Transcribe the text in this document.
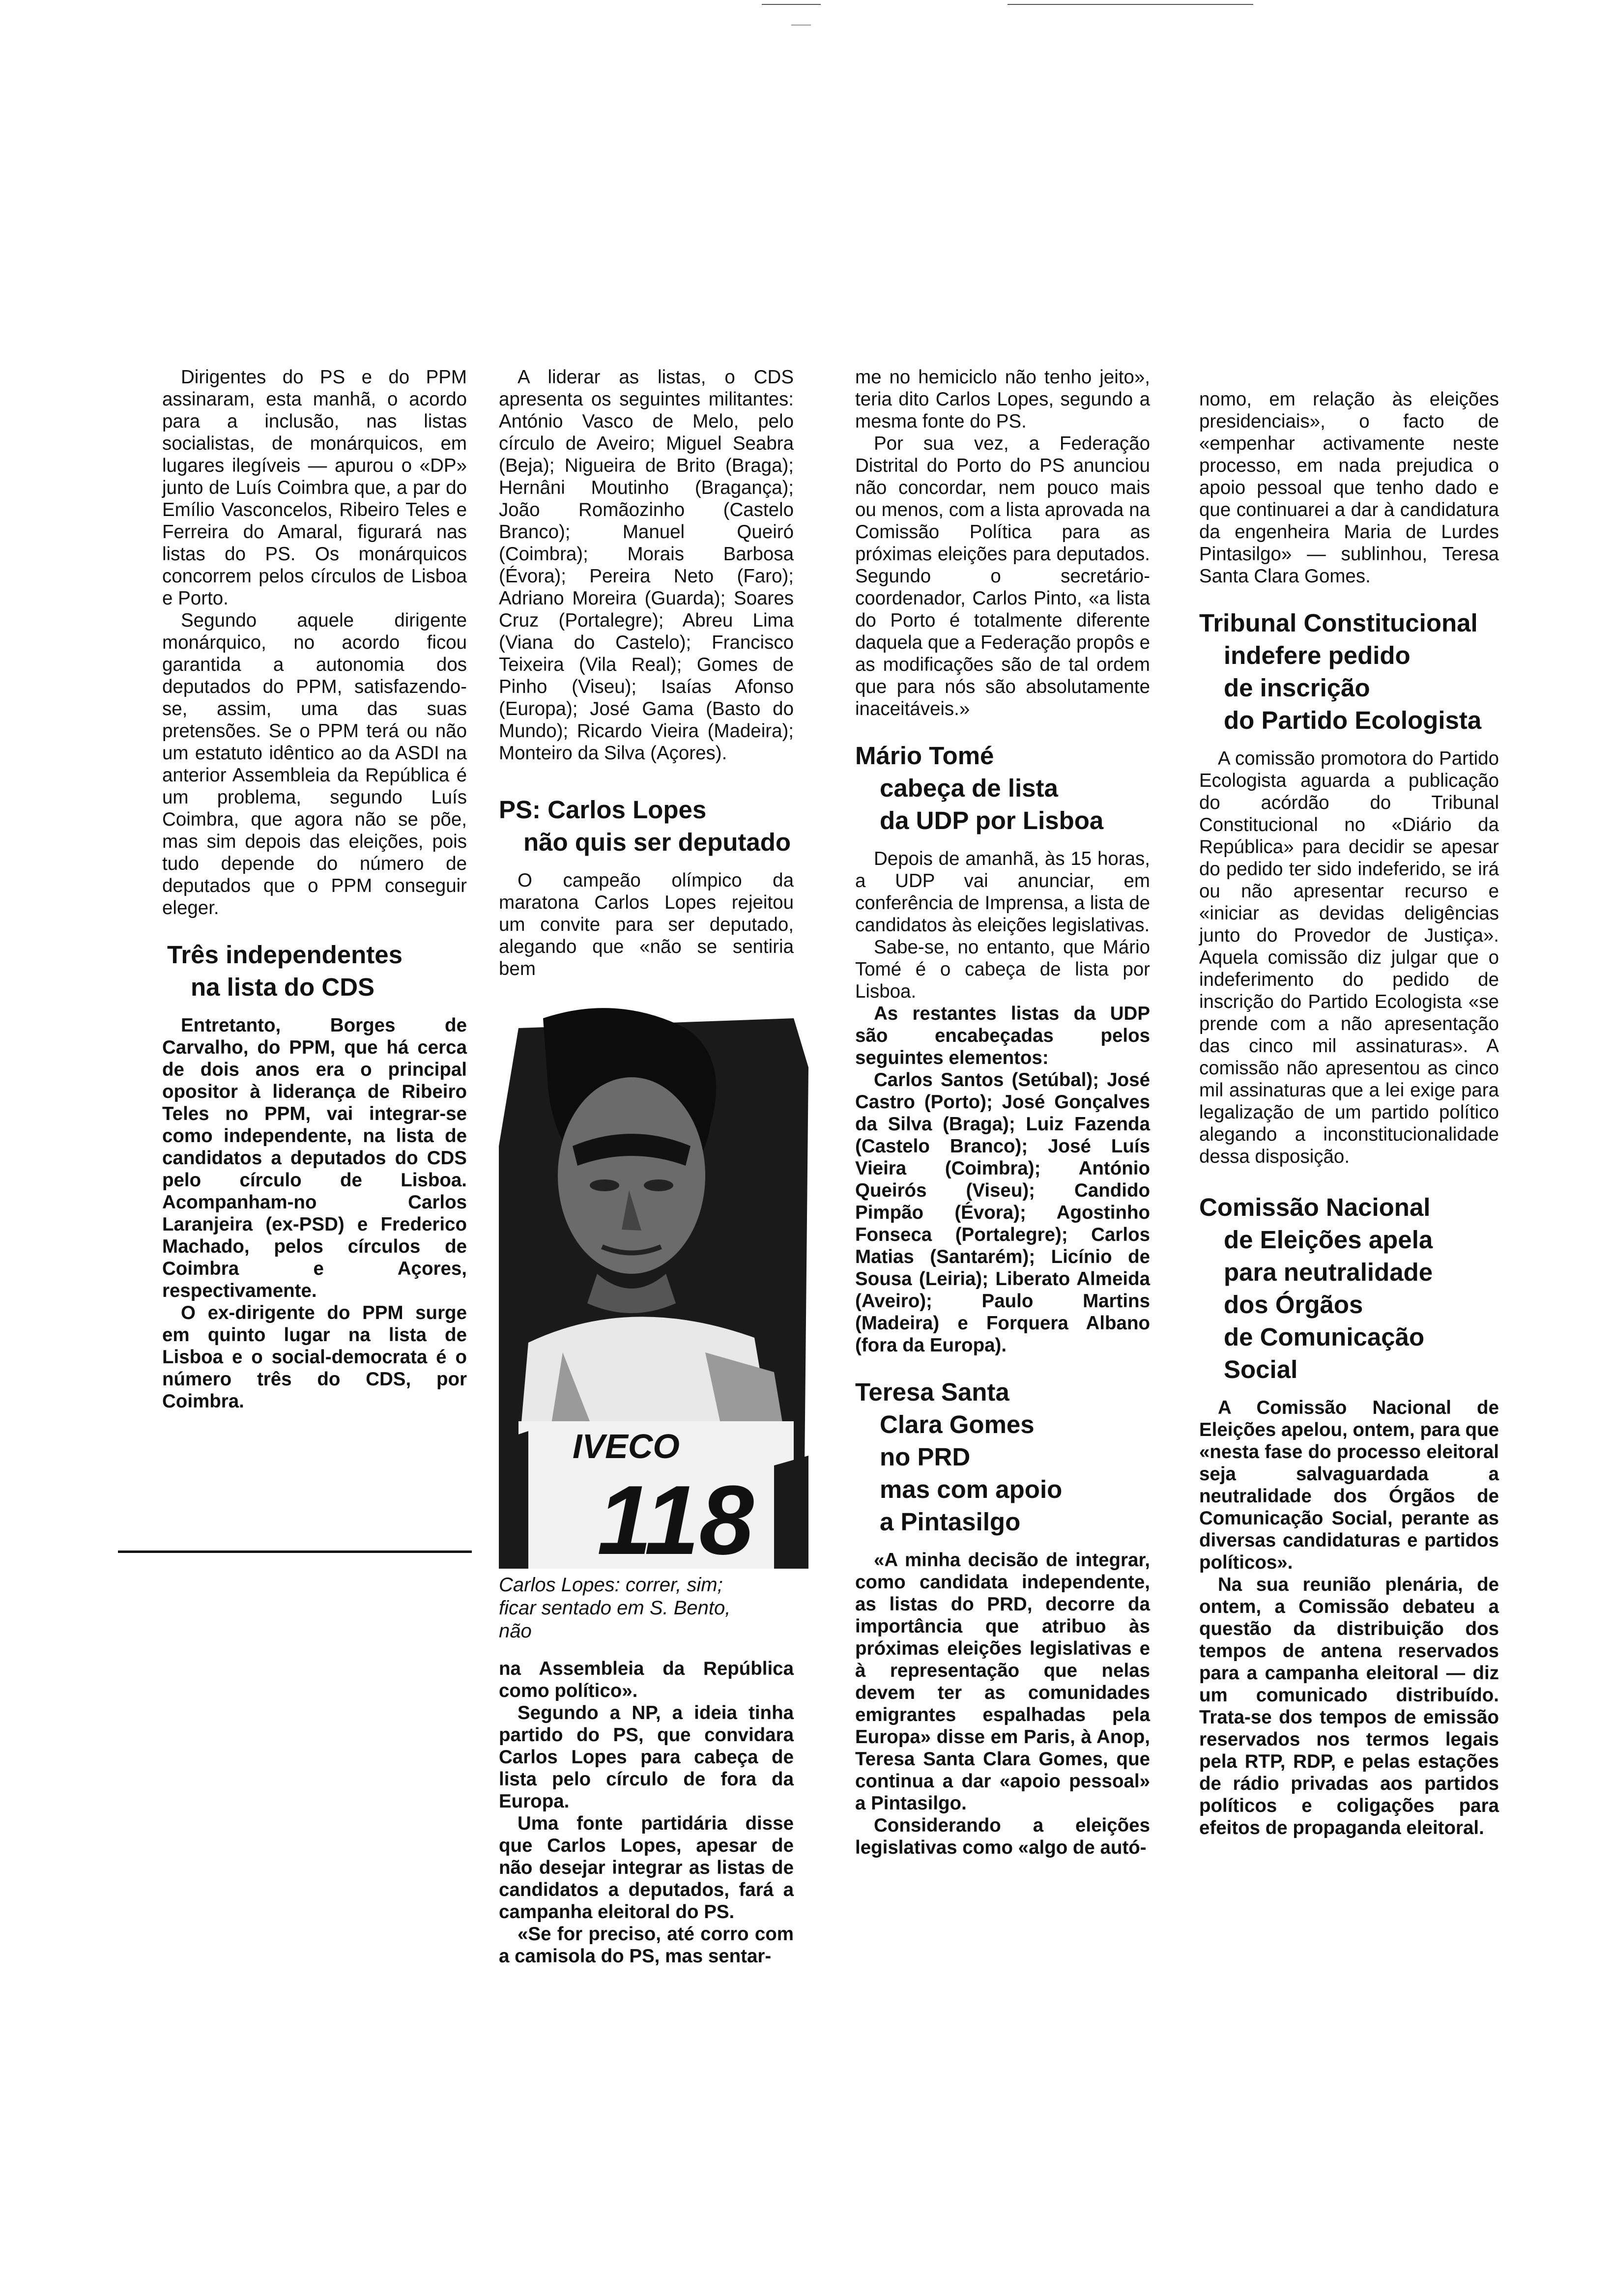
Dirigentes do PS e do PPM assinaram, esta manhã, o acordo para a inclusão, nas listas socialistas, de monárquicos, em lugares ilegíveis — apurou o «DP» junto de Luís Coimbra que, a par do Emílio Vasconcelos, Ribeiro Teles e Ferreira do Amaral, figurará nas listas do PS. Os monárquicos concorrem pelos círculos de Lisboa e Porto.

Segundo aquele dirigente monárquico, no acordo ficou garantida a autonomia dos deputados do PPM, satisfazendo-se, assim, uma das suas pretensões. Se o PPM terá ou não um estatuto idêntico ao da ASDI na anterior Assembleia da República é um problema, segundo Luís Coimbra, que agora não se põe, mas sim depois das eleições, pois tudo depende do número de deputados que o PPM conseguir eleger.

Três independentes
na lista do CDS

Entretanto, Borges de Carvalho, do PPM, que há cerca de dois anos era o principal opositor à liderança de Ribeiro Teles no PPM, vai integrar-se como independente, na lista de candidatos a deputados do CDS pelo círculo de Lisboa. Acompanham-no Carlos Laranjeira (ex-PSD) e Frederico Machado, pelos círculos de Coimbra e Açores, respectivamente.

O ex-dirigente do PPM surge em quinto lugar na lista de Lisboa e o social-democrata é o número três do CDS, por Coimbra.

A liderar as listas, o CDS apresenta os seguintes militantes: António Vasco de Melo, pelo círculo de Aveiro; Miguel Seabra (Beja); Nigueira de Brito (Braga); Hernâni Moutinho (Bragança); João Romãozinho (Castelo Branco); Manuel Queiró (Coimbra); Morais Barbosa (Évora); Pereira Neto (Faro); Adriano Moreira (Guarda); Soares Cruz (Portalegre); Abreu Lima (Viana do Castelo); Francisco Teixeira (Vila Real); Gomes de Pinho (Viseu); Isaías Afonso (Europa); José Gama (Basto do Mundo); Ricardo Vieira (Madeira); Monteiro da Silva (Açores).

PS: Carlos Lopes
não quis ser deputado

O campeão olímpico da maratona Carlos Lopes rejeitou um convite para ser deputado, alegando que «não se sentiria bem

IVECO
118
Carlos Lopes: correr, sim; ficar sentado em S. Bento, não

na Assembleia da República como político».

Segundo a NP, a ideia tinha partido do PS, que convidara Carlos Lopes para cabeça de lista pelo círculo de fora da Europa.

Uma fonte partidária disse que Carlos Lopes, apesar de não desejar integrar as listas de candidatos a deputados, fará a campanha eleitoral do PS.

«Se for preciso, até corro com a camisola do PS, mas sentar-

me no hemiciclo não tenho jeito», teria dito Carlos Lopes, segundo a mesma fonte do PS.

Por sua vez, a Federação Distrital do Porto do PS anunciou não concordar, nem pouco mais ou menos, com a lista aprovada na Comissão Política para as próximas eleições para deputados. Segundo o secretário-coordenador, Carlos Pinto, «a lista do Porto é totalmente diferente daquela que a Federação propôs e as modificações são de tal ordem que para nós são absolutamente inaceitáveis.»

Mário Tomé
cabeça de lista
da UDP por Lisboa

Depois de amanhã, às 15 horas, a UDP vai anunciar, em conferência de Imprensa, a lista de candidatos às eleições legislativas.

Sabe-se, no entanto, que Mário Tomé é o cabeça de lista por Lisboa.

As restantes listas da UDP são encabeçadas pelos seguintes elementos:

Carlos Santos (Setúbal); José Castro (Porto); José Gonçalves da Silva (Braga); Luiz Fazenda (Castelo Branco); José Luís Vieira (Coimbra); António Queirós (Viseu); Candido Pimpão (Évora); Agostinho Fonseca (Portalegre); Carlos Matias (Santarém); Licínio de Sousa (Leiria); Liberato Almeida (Aveiro); Paulo Martins (Madeira) e Forquera Albano (fora da Europa).

Teresa Santa
Clara Gomes
no PRD
mas com apoio
a Pintasilgo

«A minha decisão de integrar, como candidata independente, as listas do PRD, decorre da importância que atribuo às próximas eleições legislativas e à representação que nelas devem ter as comunidades emigrantes espalhadas pela Europa» disse em Paris, à Anop, Teresa Santa Clara Gomes, que continua a dar «apoio pessoal» a Pintasilgo.

Considerando a eleições legislativas como «algo de autó-

nomo, em relação às eleições presidenciais», o facto de «empenhar activamente neste processo, em nada prejudica o apoio pessoal que tenho dado e que continuarei a dar à candidatura da engenheira Maria de Lurdes Pintasilgo» — sublinhou, Teresa Santa Clara Gomes.

Tribunal Constitucional
indefere pedido
de inscrição
do Partido Ecologista

A comissão promotora do Partido Ecologista aguarda a publicação do acórdão do Tribunal Constitucional no «Diário da República» para decidir se apesar do pedido ter sido indeferido, se irá ou não apresentar recurso e «iniciar as devidas deligências junto do Provedor de Justiça». Aquela comissão diz julgar que o indeferimento do pedido de inscrição do Partido Ecologista «se prende com a não apresentação das cinco mil assinaturas». A comissão não apresentou as cinco mil assinaturas que a lei exige para legalização de um partido político alegando a inconstitucionalidade dessa disposição.

Comissão Nacional
de Eleições apela
para neutralidade
dos Órgãos
de Comunicação
Social

A Comissão Nacional de Eleições apelou, ontem, para que «nesta fase do processo eleitoral seja salvaguardada a neutralidade dos Órgãos de Comunicação Social, perante as diversas candidaturas e partidos políticos».

Na sua reunião plenária, de ontem, a Comissão debateu a questão da distribuição dos tempos de antena reservados para a campanha eleitoral — diz um comunicado distribuído. Trata-se dos tempos de emissão reservados nos termos legais pela RTP, RDP, e pelas estações de rádio privadas aos partidos políticos e coligações para efeitos de propaganda eleitoral.
